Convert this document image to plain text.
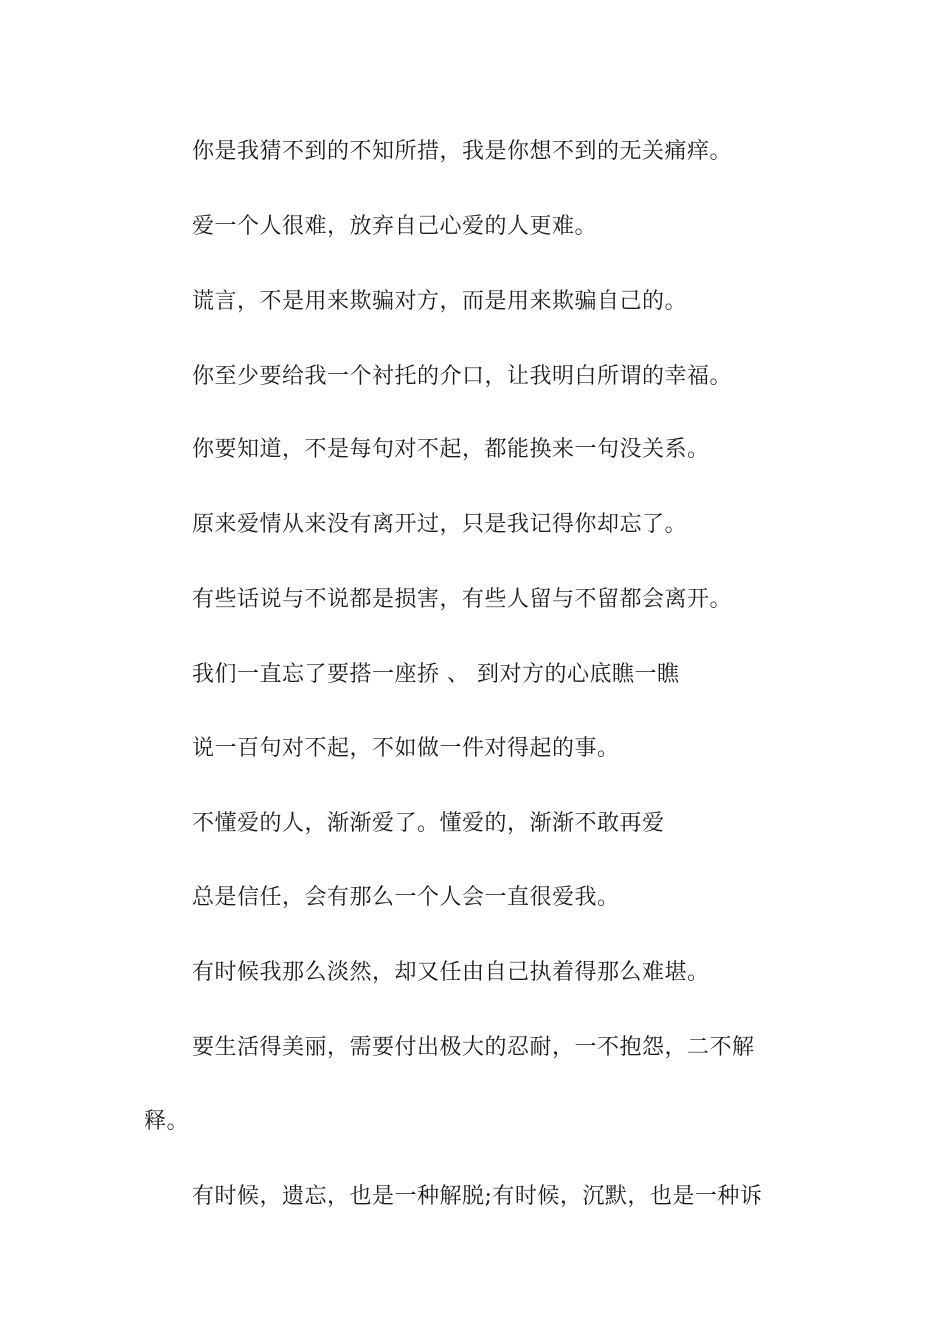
你是我猜不到的不知所措，我是你想不到的无关痛痒。

爱一个人很难，放弃自己心爱的人更难。

谎言，不是用来欺骗对方，而是用来欺骗自己的。

你至少要给我一个衬托的介口，让我明白所谓的幸福。

你要知道，不是每句对不起，都能换来一句没关系。

原来爱情从来没有离开过，只是我记得你却忘了。

有些话说与不说都是损害，有些人留与不留都会离开。

我们一直忘了要搭一座挢 、 到对方的心底瞧一瞧

说一百句对不起，不如做一件对得起的事。

不懂爱的人，渐渐爱了。懂爱的，渐渐不敢再爱

总是信任，会有那么一个人会一直很爱我。

有时候我那么淡然，却又任由自己执着得那么难堪。

要生活得美丽，需要付出极大的忍耐，一不抱怨，二不解

释。

有时候，遗忘，也是一种解脱;有时候，沉默，也是一种诉
